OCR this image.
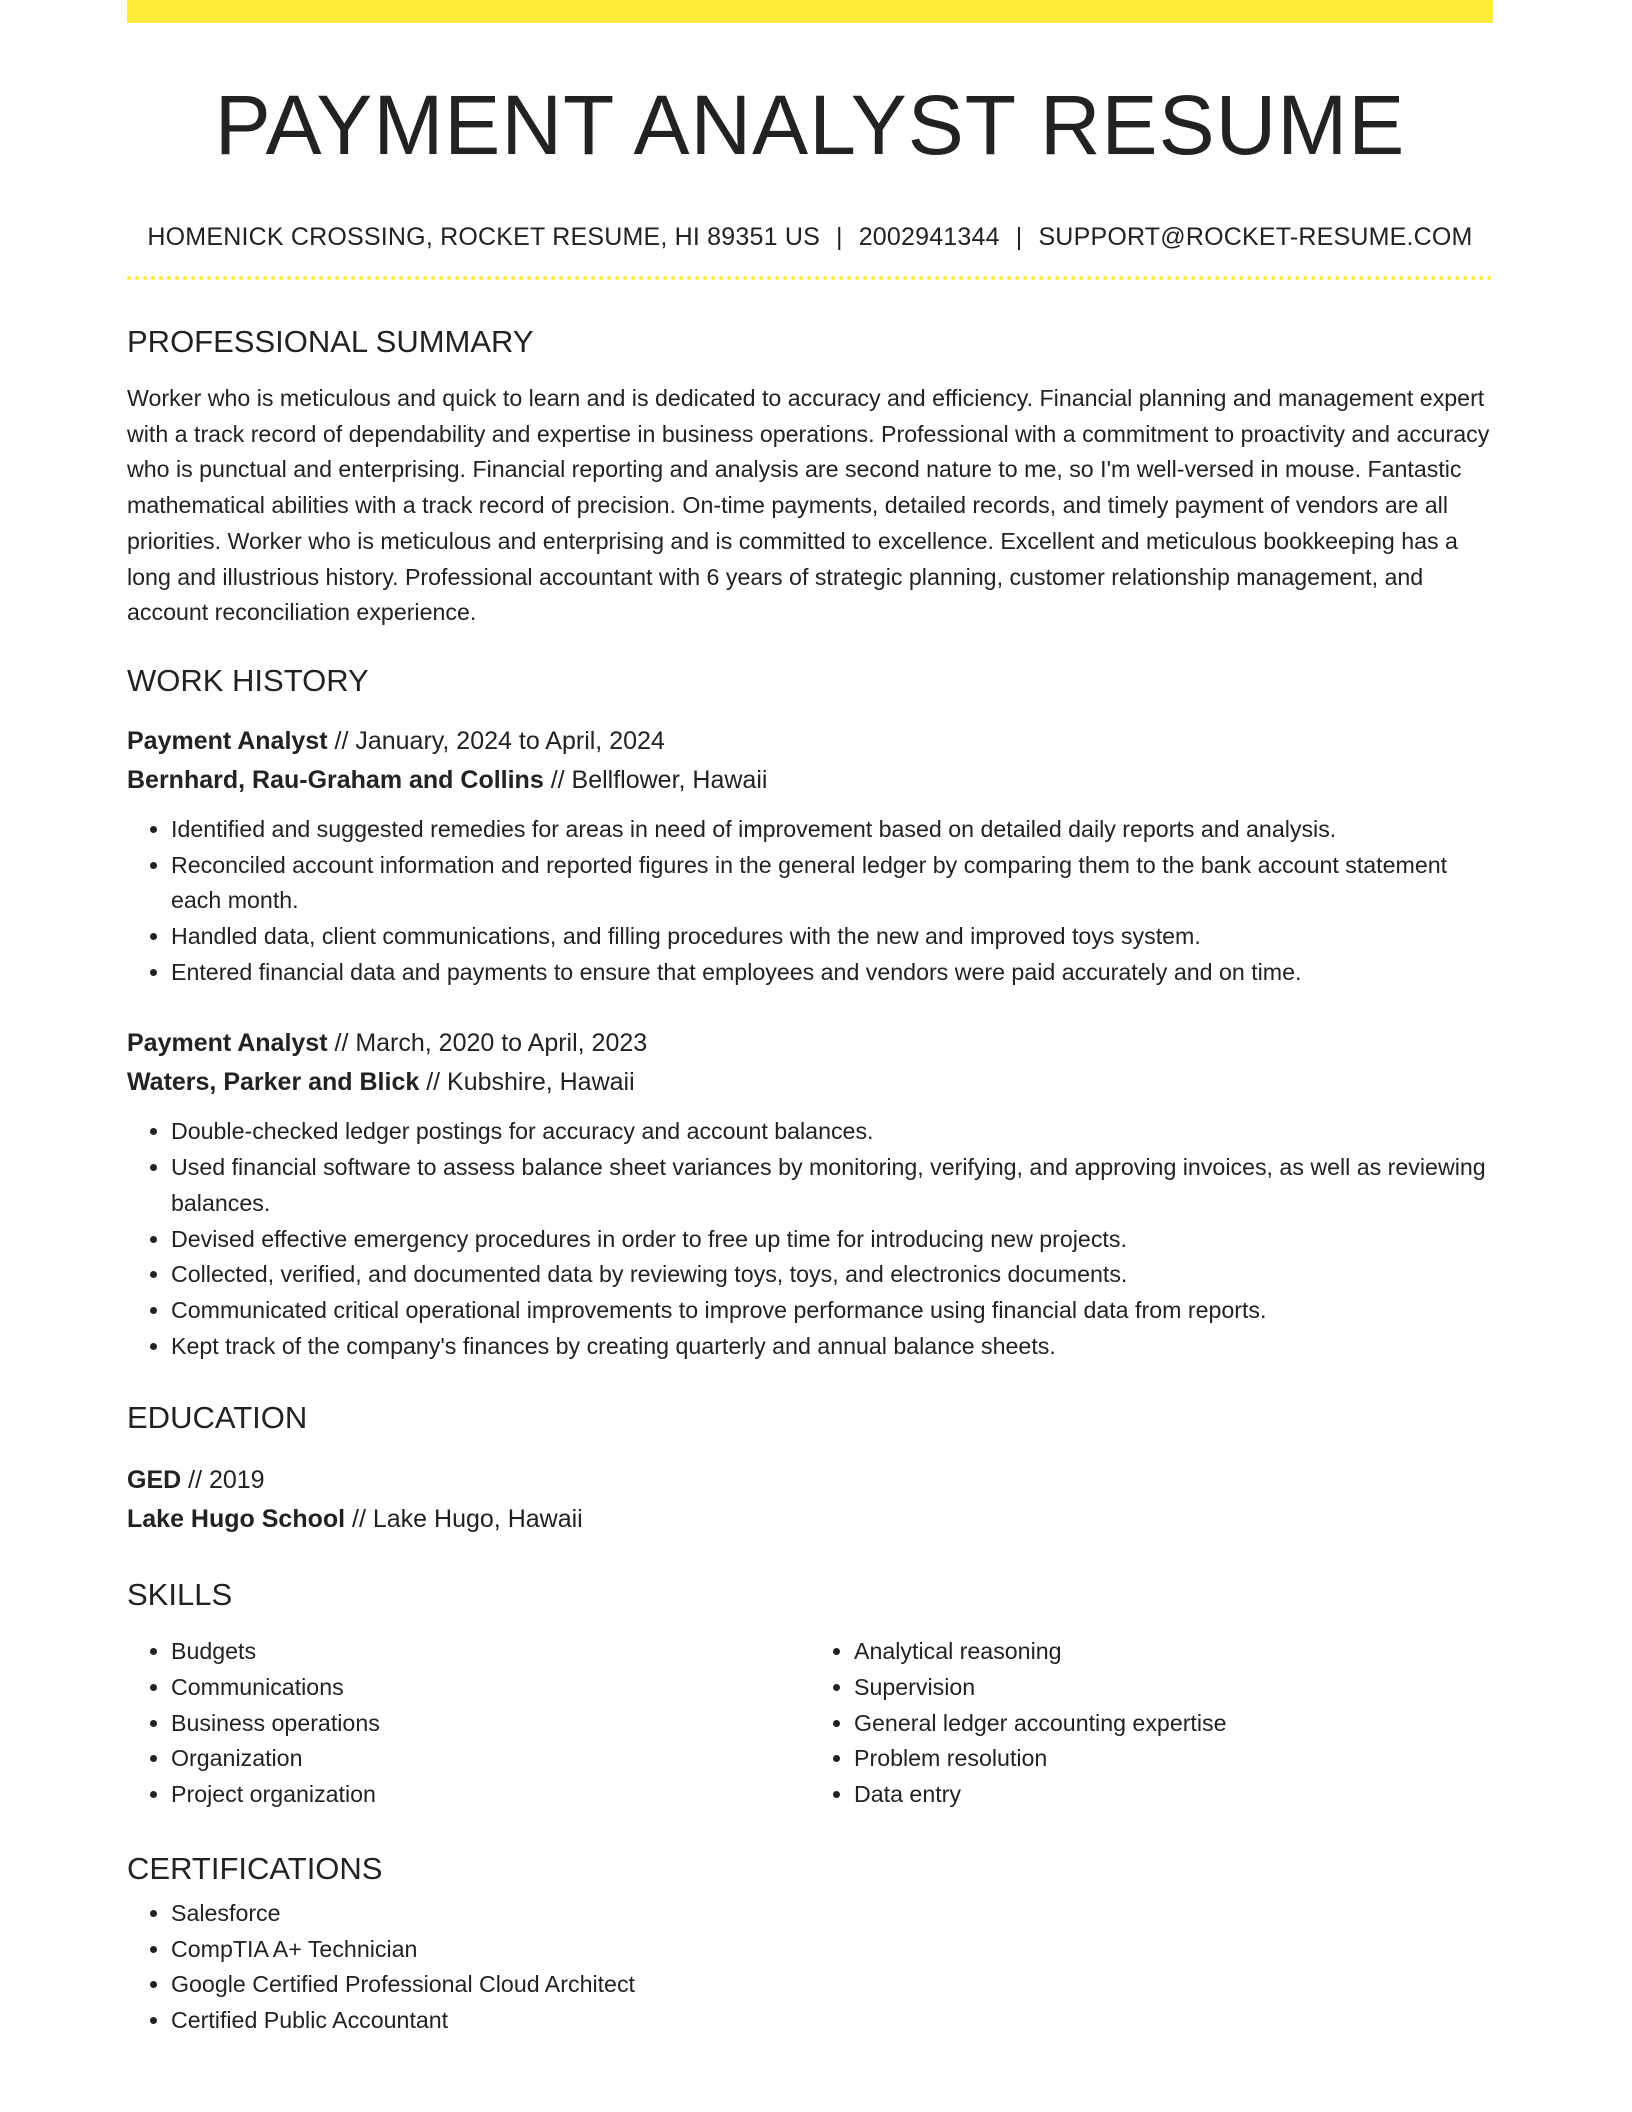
PAYMENT ANALYST RESUME
HOMENICK CROSSING, ROCKET RESUME, HI 89351 US | 2002941344 | SUPPORT@ROCKET-RESUME.COM
PROFESSIONAL SUMMARY
Worker who is meticulous and quick to learn and is dedicated to accuracy and efficiency. Financial planning and management expert with a track record of dependability and expertise in business operations. Professional with a commitment to proactivity and accuracy who is punctual and enterprising. Financial reporting and analysis are second nature to me, so I'm well-versed in mouse. Fantastic mathematical abilities with a track record of precision. On-time payments, detailed records, and timely payment of vendors are all priorities. Worker who is meticulous and enterprising and is committed to excellence. Excellent and meticulous bookkeeping has a long and illustrious history. Professional accountant with 6 years of strategic planning, customer relationship management, and account reconciliation experience.
WORK HISTORY
Payment Analyst // January, 2024 to April, 2024
Bernhard, Rau-Graham and Collins // Bellflower, Hawaii
• Identified and suggested remedies for areas in need of improvement based on detailed daily reports and analysis.
• Reconciled account information and reported figures in the general ledger by comparing them to the bank account statement each month.
• Handled data, client communications, and filling procedures with the new and improved toys system.
• Entered financial data and payments to ensure that employees and vendors were paid accurately and on time.
Payment Analyst // March, 2020 to April, 2023
Waters, Parker and Blick // Kubshire, Hawaii
• Double-checked ledger postings for accuracy and account balances.
• Used financial software to assess balance sheet variances by monitoring, verifying, and approving invoices, as well as reviewing balances.
• Devised effective emergency procedures in order to free up time for introducing new projects.
• Collected, verified, and documented data by reviewing toys, toys, and electronics documents.
• Communicated critical operational improvements to improve performance using financial data from reports.
• Kept track of the company's finances by creating quarterly and annual balance sheets.
EDUCATION
GED // 2019
Lake Hugo School // Lake Hugo, Hawaii
SKILLS
• Budgets
• Communications
• Business operations
• Organization
• Project organization
• Analytical reasoning
• Supervision
• General ledger accounting expertise
• Problem resolution
• Data entry
CERTIFICATIONS
• Salesforce
• CompTIA A+ Technician
• Google Certified Professional Cloud Architect
• Certified Public Accountant
